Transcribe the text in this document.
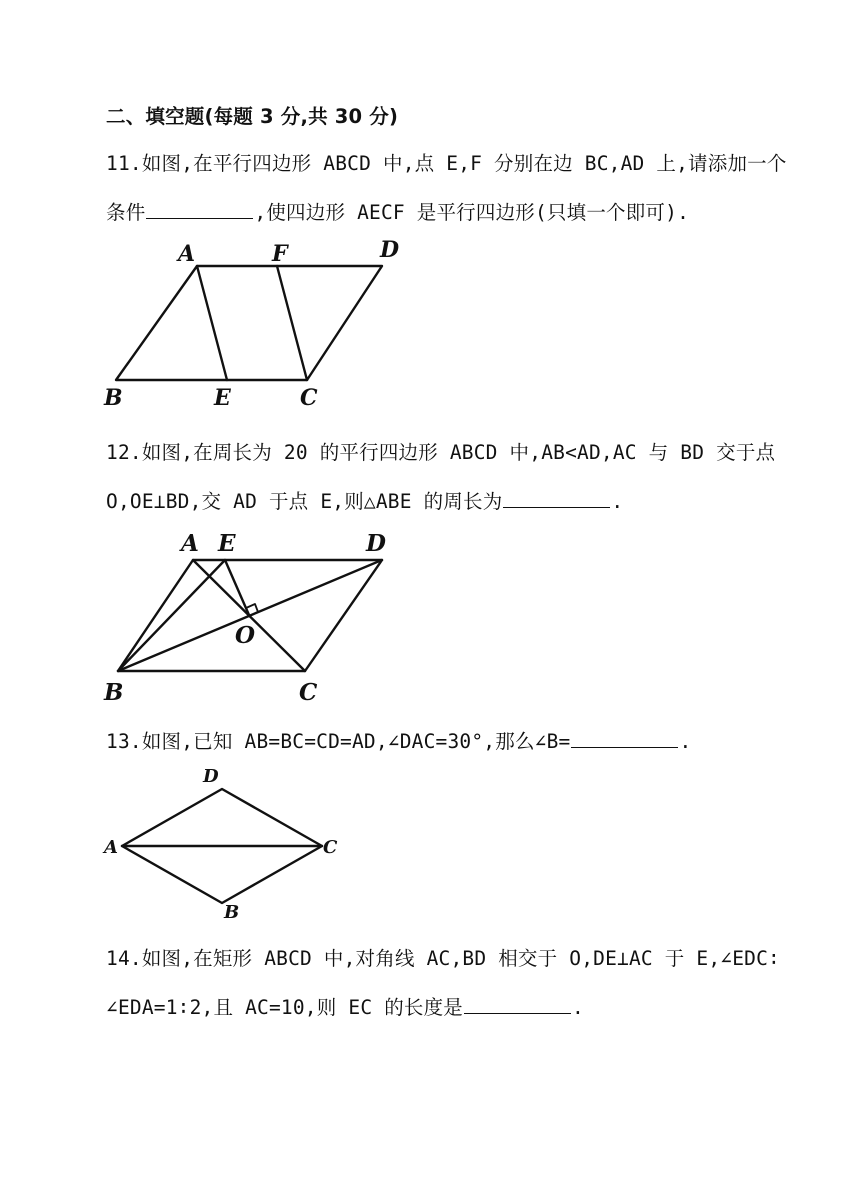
二、填空题(每题 3 分,共 30 分)
11.如图,在平行四边形 ABCD 中,点 E,F 分别在边 BC,AD 上,请添加一个
条件	,使四边形 AECF 是平行四边形(只填一个即可).
A	F	D
B	E	C
12.如图,在周长为 20 的平行四边形 ABCD 中,AB<AD,AC 与 BD 交于点
O,OE⊥BD,交 AD 于点 E,则△ABE 的周长为	.
A E	D
O
B	C
13.如图,已知 AB=BC=CD=AD,∠DAC=30°,那么∠B=	.
D
A	C
B
14.如图,在矩形 ABCD 中,对角线 AC,BD 相交于 O,DE⊥AC 于 E,∠EDC∶
∠EDA=1∶2,且 AC=10,则 EC 的长度是	.
